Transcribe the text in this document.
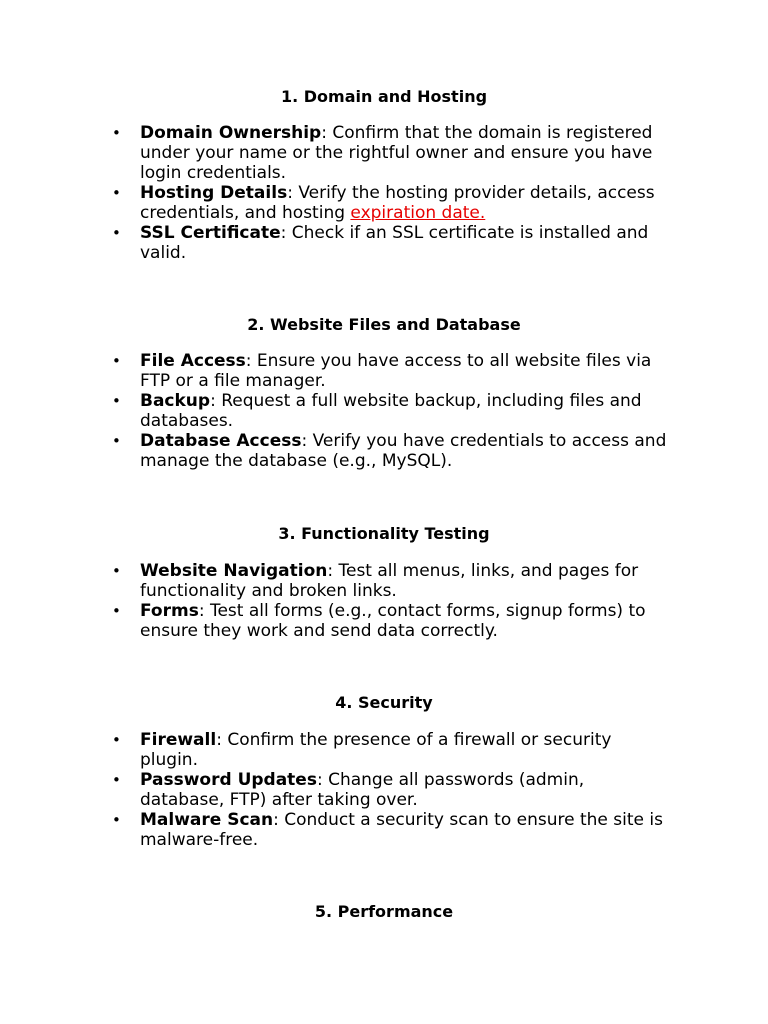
1. Domain and Hosting
• Domain Ownership: Confirm that the domain is registered under your name or the rightful owner and ensure you have login credentials.
• Hosting Details: Verify the hosting provider details, access credentials, and hosting expiration date.
• SSL Certificate: Check if an SSL certificate is installed and valid.
2. Website Files and Database
• File Access: Ensure you have access to all website files via FTP or a file manager.
• Backup: Request a full website backup, including files and databases.
• Database Access: Verify you have credentials to access and manage the database (e.g., MySQL).
3. Functionality Testing
• Website Navigation: Test all menus, links, and pages for functionality and broken links.
• Forms: Test all forms (e.g., contact forms, signup forms) to ensure they work and send data correctly.
4. Security
• Firewall: Confirm the presence of a firewall or security plugin.
• Password Updates: Change all passwords (admin, database, FTP) after taking over.
• Malware Scan: Conduct a security scan to ensure the site is malware-free.
5. Performance
